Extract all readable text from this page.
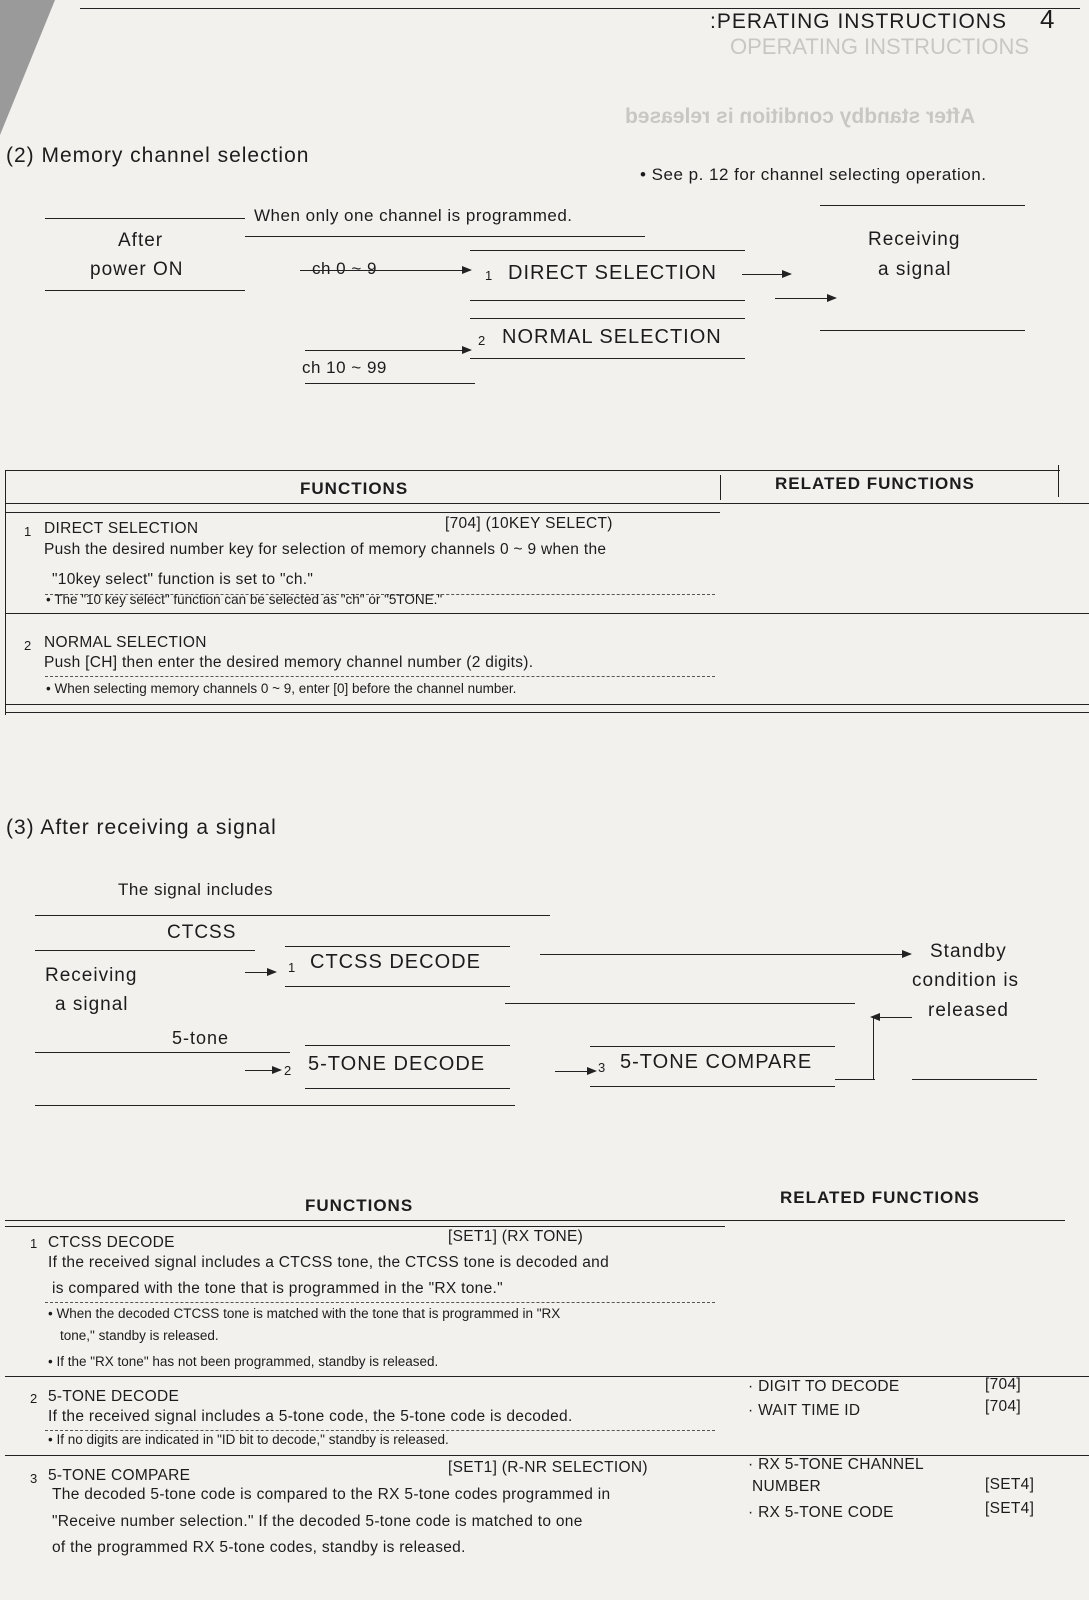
OPERATING INSTRUCTIONS
After standby condition is released
:PERATING INSTRUCTIONS 4
(2) Memory channel selection
• See p. 12 for channel selecting operation.
When only one channel is programmed.
After
power ON	ch 0 ~ 9	1 DIRECT SELECTION
Receiving
a signal
2 NORMAL SELECTION
ch 10 ~ 99
FUNCTIONS	RELATED FUNCTIONS
1 DIRECT SELECTION	[704] (10KEY SELECT)
Push the desired number key for selection of memory channels 0 ~ 9 when the
"10key select" function is set to "ch."
• The "10 key select" function can be selected as "ch" or "5TONE."
2 NORMAL SELECTION
Push [CH] then enter the desired memory channel number (2 digits).
• When selecting memory channels 0 ~ 9, enter [0] before the channel number.
(3) After receiving a signal
The signal includes
CTCSS
Receiving
a signal
1 CTCSS DECODE	Standby
condition is
released
5-tone
2 5-TONE DECODE	3 5-TONE COMPARE
FUNCTIONS	RELATED FUNCTIONS
1 CTCSS DECODE	[SET1] (RX TONE)
If the received signal includes a CTCSS tone, the CTCSS tone is decoded and
is compared with the tone that is programmed in the "RX tone."
• When the decoded CTCSS tone is matched with the tone that is programmed in "RX
tone," standby is released.
• If the "RX tone" has not been programmed, standby is released.
2 5-TONE DECODE
If the received signal includes a 5-tone code, the 5-tone code is decoded.
• If no digits are indicated in "ID bit to decode," standby is released.
· DIGIT TO DECODE	[704]
· WAIT TIME ID	[704]
3 5-TONE COMPARE	[SET1] (R-NR SELECTION)
The decoded 5-tone code is compared to the RX 5-tone codes programmed in
"Receive number selection." If the decoded 5-tone code is matched to one
of the programmed RX 5-tone codes, standby is released.
· RX 5-TONE CHANNEL
NUMBER	[SET4]
· RX 5-TONE CODE	[SET4]
